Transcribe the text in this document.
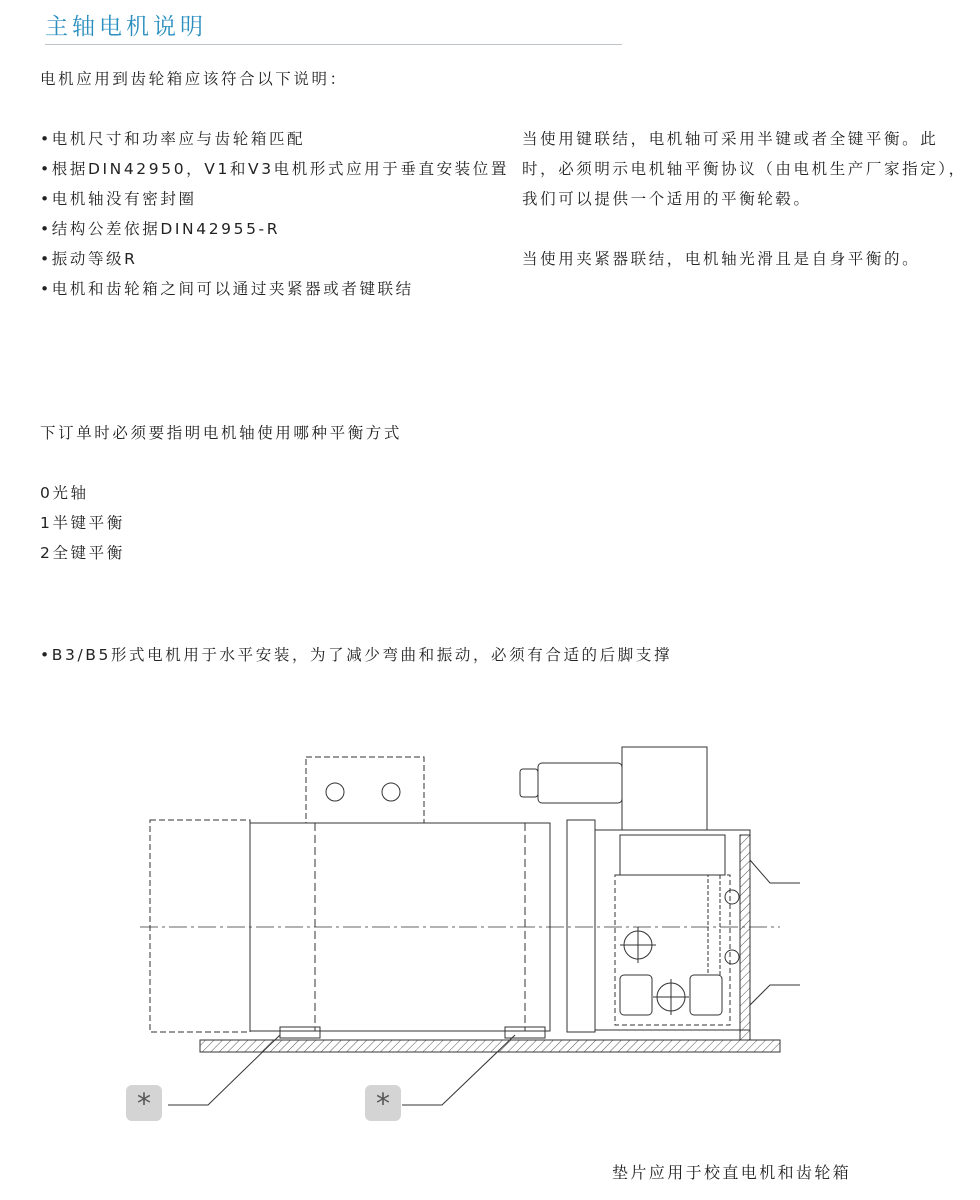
主轴电机说明
电机应用到齿轮箱应该符合以下说明：
•电机尺寸和功率应与齿轮箱匹配
•根据DIN42950，V1和V3电机形式应用于垂直安装位置
•电机轴没有密封圈
•结构公差依据DIN42955-R
•振动等级R
•电机和齿轮箱之间可以通过夹紧器或者键联结

当使用键联结，电机轴可采用半键或者全键平衡。此时，必须明示电机轴平衡协议（由电机生产厂家指定），我们可以提供一个适用的平衡轮毂。

当使用夹紧器联结，电机轴光滑且是自身平衡的。

下订单时必须要指明电机轴使用哪种平衡方式
0光轴
1半键平衡
2全键平衡
•B3/B5形式电机用于水平安装，为了减少弯曲和振动，必须有合适的后脚支撑
*	*
垫片应用于校直电机和齿轮箱
